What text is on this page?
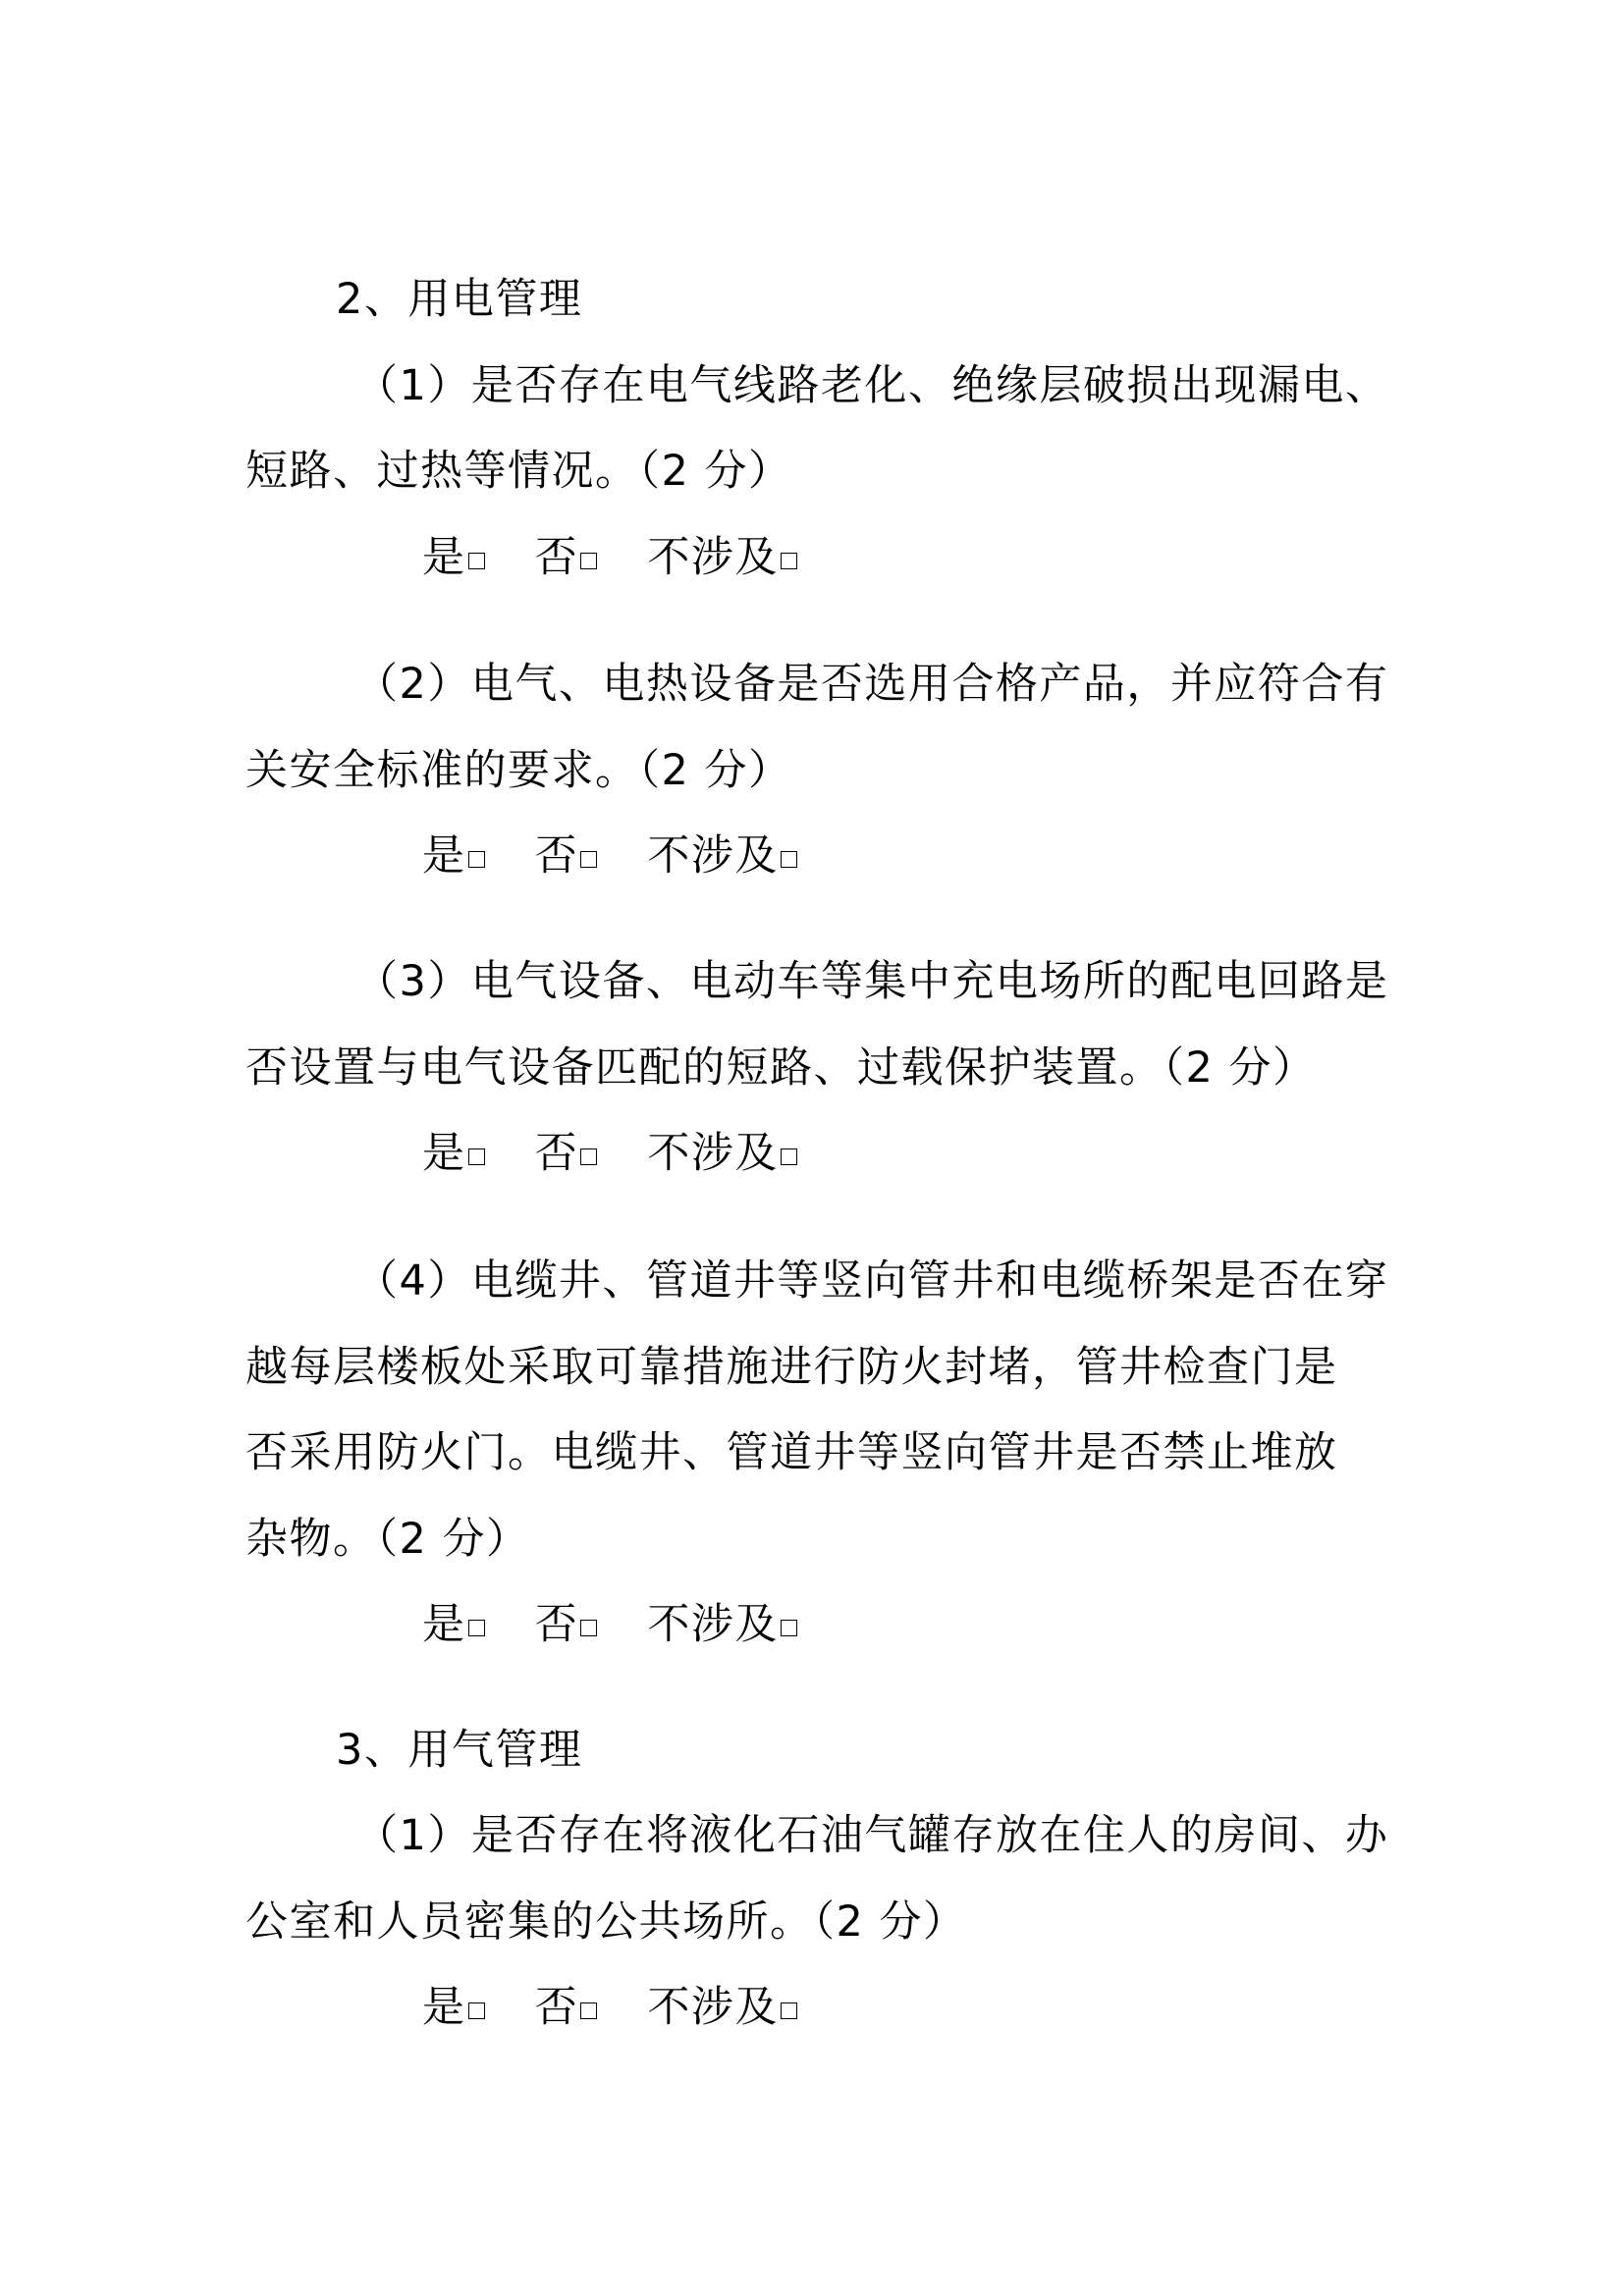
2、用电管理
（1）是否存在电气线路老化、绝缘层破损出现漏电、
短路、过热等情况。（2 分）
是 否 不涉及
（2）电气、电热设备是否选用合格产品，并应符合有
关安全标准的要求。（2 分）
是 否 不涉及
（3）电气设备、电动车等集中充电场所的配电回路是
否设置与电气设备匹配的短路、过载保护装置。（2 分）
是 否 不涉及
（4）电缆井、管道井等竖向管井和电缆桥架是否在穿
越每层楼板处采取可靠措施进行防火封堵，管井检查门是
否采用防火门。电缆井、管道井等竖向管井是否禁止堆放
杂物。（2 分）
是 否 不涉及
3、用气管理
（1）是否存在将液化石油气罐存放在住人的房间、办
公室和人员密集的公共场所。（2 分）
是 否 不涉及
